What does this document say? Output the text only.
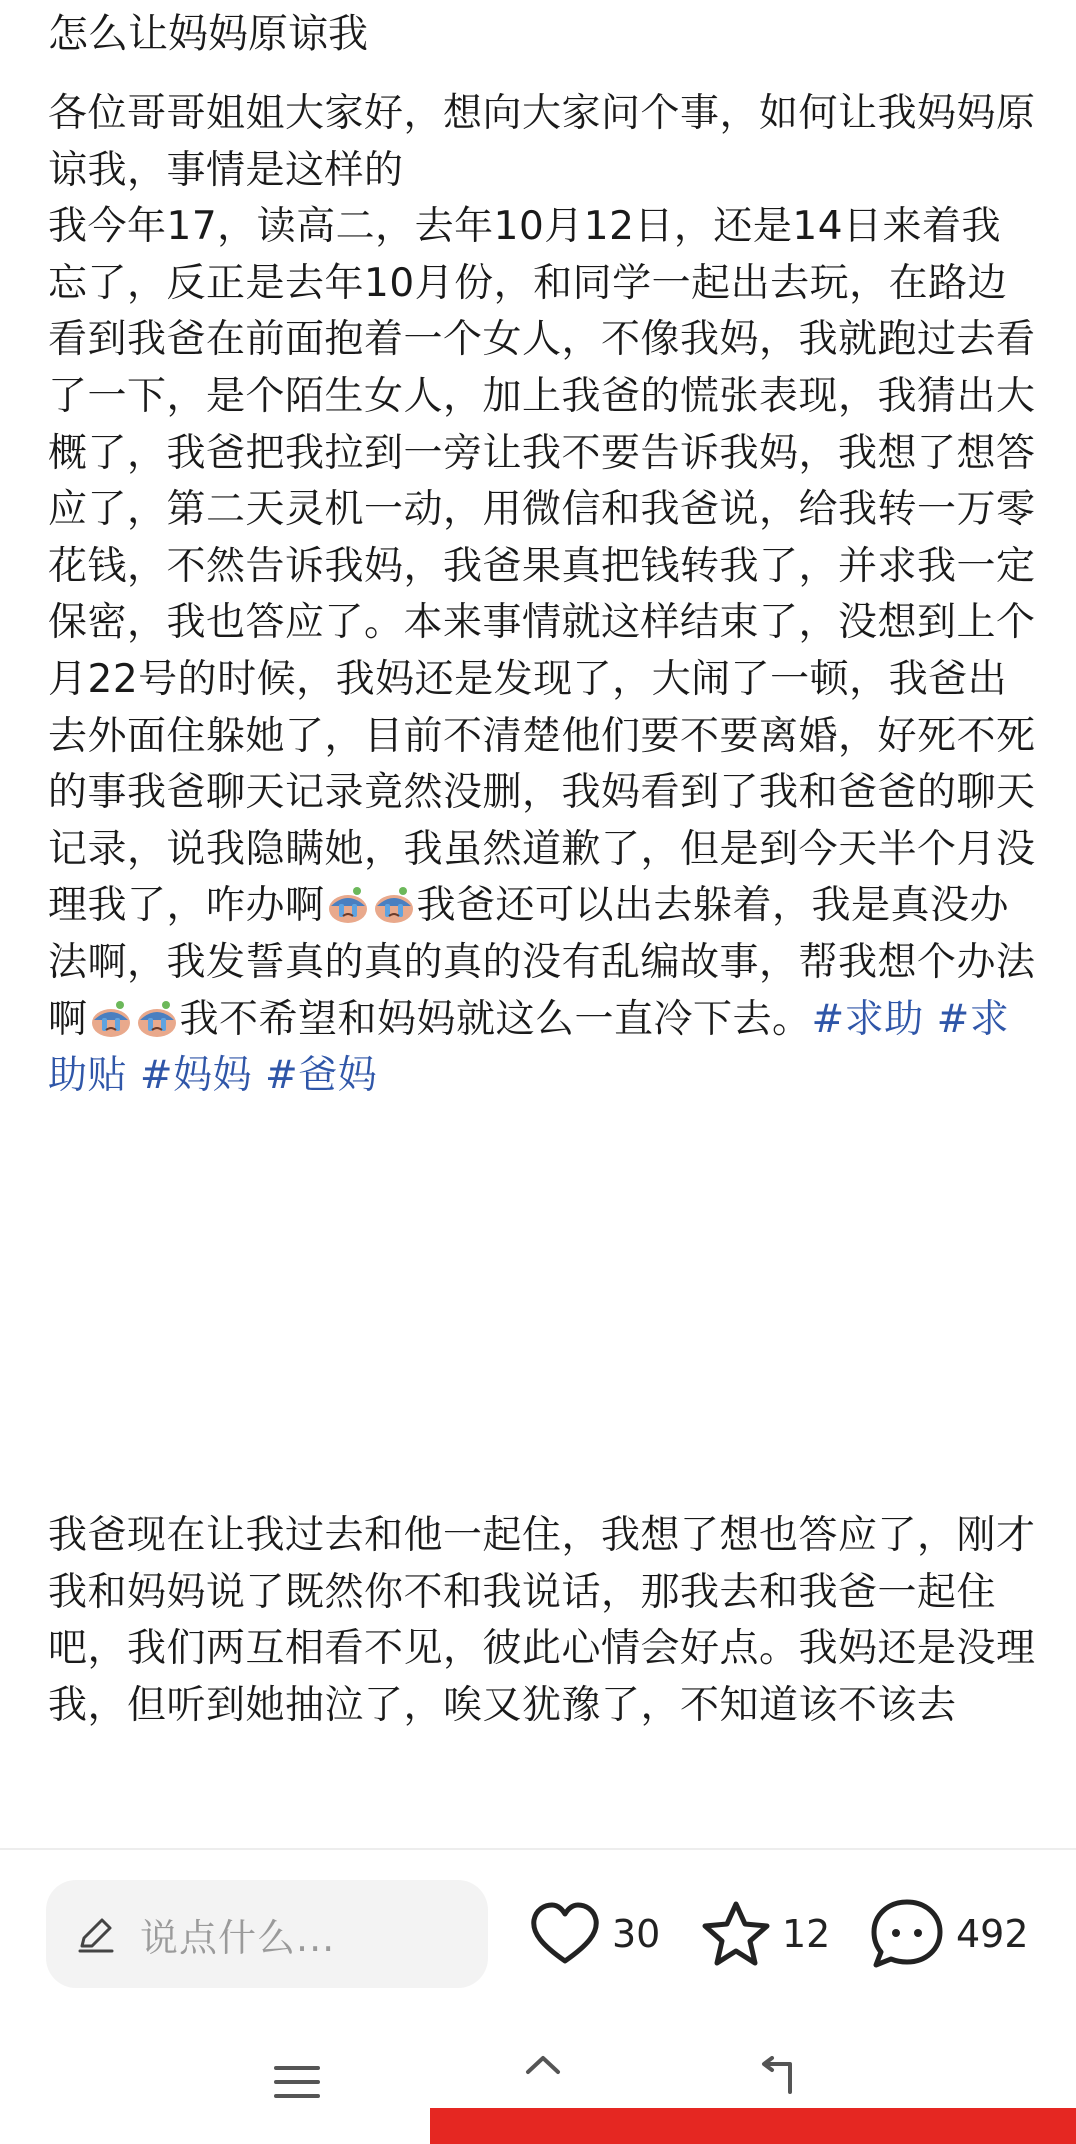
怎么让妈妈原谅我

各位哥哥姐姐大家好，想向大家问个事，如何让我妈妈原谅我，事情是这样的

我今年17，读高二，去年10月12日，还是14日来着我忘了，反正是去年10月份，和同学一起出去玩，在路边看到我爸在前面抱着一个女人，不像我妈，我就跑过去看了一下，是个陌生女人，加上我爸的慌张表现，我猜出大概了，我爸把我拉到一旁让我不要告诉我妈，我想了想答应了，第二天灵机一动，用微信和我爸说，给我转一万零花钱，不然告诉我妈，我爸果真把钱转我了，并求我一定保密，我也答应了。本来事情就这样结束了，没想到上个月22号的时候，我妈还是发现了，大闹了一顿，我爸出去外面住躲她了，目前不清楚他们要不要离婚，好死不死的事我爸聊天记录竟然没删，我妈看到了我和爸爸的聊天记录，说我隐瞒她，我虽然道歉了，但是到今天半个月没理我了，咋办啊 我爸还可以出去躲着，我是真没办法啊，我发誓真的真的真的没有乱编故事，帮我想个办法啊 我不希望和妈妈就这么一直冷下去。#求助 #求助贴 #妈妈 #爸妈

我爸现在让我过去和他一起住，我想了想也答应了，刚才我和妈妈说了既然你不和我说话，那我去和我爸一起住吧，我们两互相看不见，彼此心情会好点。我妈还是没理我，但听到她抽泣了，唉又犹豫了，不知道该不该去

说点什么...	30	12	492
